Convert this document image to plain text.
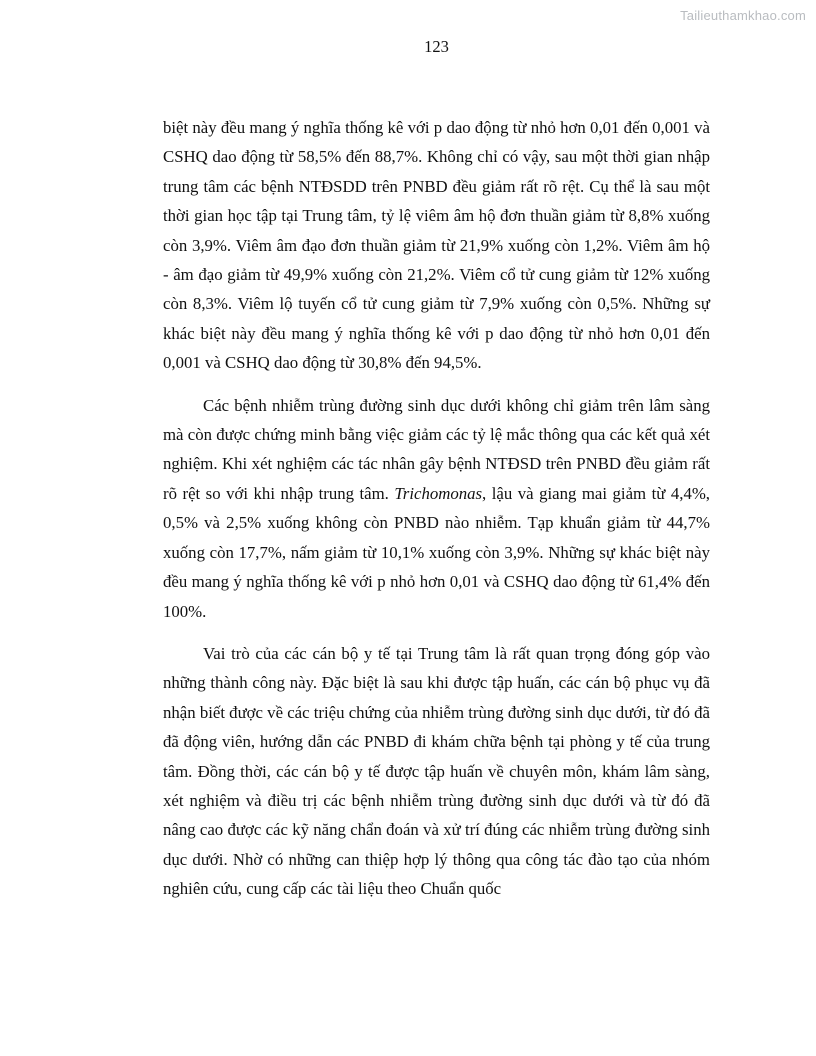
Tailieuthamkhao.com
123

biệt này đều mang ý nghĩa thống kê với p dao động từ nhỏ hơn 0,01 đến 0,001 và CSHQ dao động từ 58,5% đến 88,7%. Không chỉ có vậy, sau một thời gian nhập trung tâm các bệnh NTĐSDD trên PNBD đều giảm rất rõ rệt. Cụ thể là sau một thời gian học tập tại Trung tâm, tỷ lệ viêm âm hộ đơn thuần giảm từ 8,8% xuống còn 3,9%. Viêm âm đạo đơn thuần giảm từ 21,9% xuống còn 1,2%. Viêm âm hộ - âm đạo giảm từ 49,9% xuống còn 21,2%. Viêm cổ tử cung giảm từ 12% xuống còn 8,3%. Viêm lộ tuyến cổ tử cung giảm từ 7,9% xuống còn 0,5%. Những sự khác biệt này đều mang ý nghĩa thống kê với p dao động từ nhỏ hơn 0,01 đến 0,001 và CSHQ dao động từ 30,8% đến 94,5%.

Các bệnh nhiễm trùng đường sinh dục dưới không chỉ giảm trên lâm sàng mà còn được chứng minh bằng việc giảm các tỷ lệ mắc thông qua các kết quả xét nghiệm. Khi xét nghiệm các tác nhân gây bệnh NTĐSD trên PNBD đều giảm rất rõ rệt so với khi nhập trung tâm. Trichomonas, lậu và giang mai giảm từ 4,4%, 0,5% và 2,5% xuống không còn PNBD nào nhiễm. Tạp khuẩn giảm từ 44,7% xuống còn 17,7%, nấm giảm từ 10,1% xuống còn 3,9%. Những sự khác biệt này đều mang ý nghĩa thống kê với p nhỏ hơn 0,01 và CSHQ dao động từ 61,4% đến 100%.

Vai trò của các cán bộ y tế tại Trung tâm là rất quan trọng đóng góp vào những thành công này. Đặc biệt là sau khi được tập huấn, các cán bộ phục vụ đã nhận biết được về các triệu chứng của nhiễm trùng đường sinh dục dưới, từ đó đã đã động viên, hướng dẫn các PNBD đi khám chữa bệnh tại phòng y tế của trung tâm. Đồng thời, các cán bộ y tế được tập huấn về chuyên môn, khám lâm sàng, xét nghiệm và điều trị các bệnh nhiễm trùng đường sinh dục dưới và từ đó đã nâng cao được các kỹ năng chẩn đoán và xử trí đúng các nhiễm trùng đường sinh dục dưới. Nhờ có những can thiệp hợp lý thông qua công tác đào tạo của nhóm nghiên cứu, cung cấp các tài liệu theo Chuẩn quốc
